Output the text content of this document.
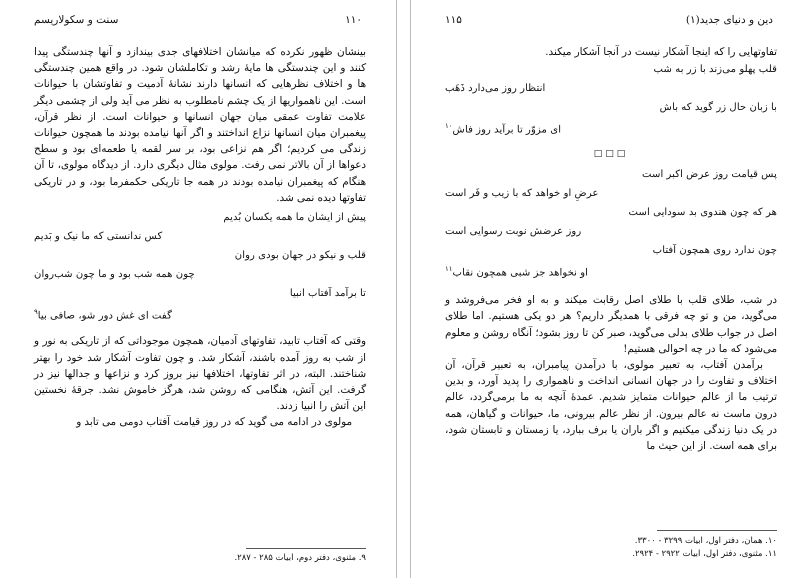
۱۱۰
سنت و سکولاریسم

بینشان ظهور نکرده که میانشان اختلافهای جدی بیندازد و آنها چندستگی پیدا کنند و این چندستگی ها مایهٔ رشد و تکاملشان شود. در واقع همین چندستگی ها و اختلاف نظرهایی که انسانها دارند نشانهٔ آدمیت و تفاوتشان با حیوانات است. این ناهمواریها از یک چشم نامطلوب به نظر می آید ولی از چشمی دیگر علامت تفاوت عمقی میان جهان انسانها و حیوانات است. از نظر قرآن، پیغمبران میان انسانها نزاع انداختند و اگر آنها نیامده بودند ما همچون حیوانات زندگی می کردیم؛ اگر هم نزاعی بود، بر سر لقمه یا طعمه‌ای بود و سطح دعواها از آن بالاتر نمی رفت. مولوی مثال دیگری دارد. از دیدگاه مولوی، تا آن هنگام که پیغمبران نیامده بودند در همه جا تاریکی حکمفرما بود، و در تاریکی تفاوتها دیده نمی شد.

پیش از ایشان ما همه یکسان بُدیم
کس ندانستی که ما نیک و بَدیم
قلب و نیکو در جهان بودی روان
چون همه شب بود و ما چون شب‌روان
تا برآمد آفتاب انبیا
گفت ای غش دور شو، صافی بیا$^۹$

وقتی که آفتاب تابید، تفاوتهای آدمیان، همچون موجوداتی که از تاریکی به نور و از شب به روز آمده باشند، آشکار شد. و چون تفاوت آشکار شد خود را بهتر شناختند. البته، در اثر تفاوتها، اختلافها نیز بروز کرد و نزاعها و جدالها نیز در گرفت. این آتش، هنگامی که روشن شد، هرگز خاموش نشد. جرقهٔ نخستین این آتش را انبیا زدند.

مولوی در ادامه می گوید که در روز قیامت آفتاب دومی می تابد و

۹. مثنوی، دفتر دوم، ابیات ۲۸۵ - ۲۸۷.
۱۱۵	دین و دنیای جدید(۱)

تفاوتهایی را که اینجا آشکار نیست در آنجا آشکار میکند.

قلب پهلو می‌زند با زر به شب
انتظار روز می‌دارد ذَهَب
با زبان حال زر گوید که باش
ای مزوّر تا برآید روز فاش$^{۱۰}$
□□□
پس قیامت روز عرض اکبر است
عرضِ او خواهد که با زیب و فَر است
هر که چون هندوی بد سودایی است
روز عرضش نوبت رسوایی است
چون ندارد روی همچون آفتاب
او نخواهد جز شبی همچون نقاب$^{۱۱}$

در شب، طلای قلب با طلای اصل رقابت میکند و به او فخر می‌فروشد و می‌گوید، من و تو چه فرقی با همدیگر داریم؟ هر دو یکی هستیم. اما طلای اصل در جواب طلای بدلی می‌گوید، صبر کن تا روز بشود؛ آنگاه روشن و معلوم می‌شود که ما در چه احوالی هستیم!

برآمدن آفتاب، به تعبیر مولوی، با درآمدن پیامبران، به تعبیر قرآن، آن اختلاف و تفاوت را در جهان انسانی انداخت و ناهمواری را پدید آورد، و بدین ترتیب ما از عالم حیوانات متمایز شدیم. عمدهٔ آنچه به ما برمی‌گردد، عالم درون ماست نه عالم بیرون. از نظر عالم بیرونی، ما، حیوانات و گیاهان، همه در یک دنیا زندگی میکنیم و اگر باران یا برف ببارد، یا زمستان و تابستان شود، برای همه است. از این حیث ما

۱۰. همان، دفتر اول، ابیات ۳۲۹۹ - ۳۳۰۰.
۱۱. مثنوی، دفتر اول، ابیات ۲۹۲۲ - ۲۹۲۴.
